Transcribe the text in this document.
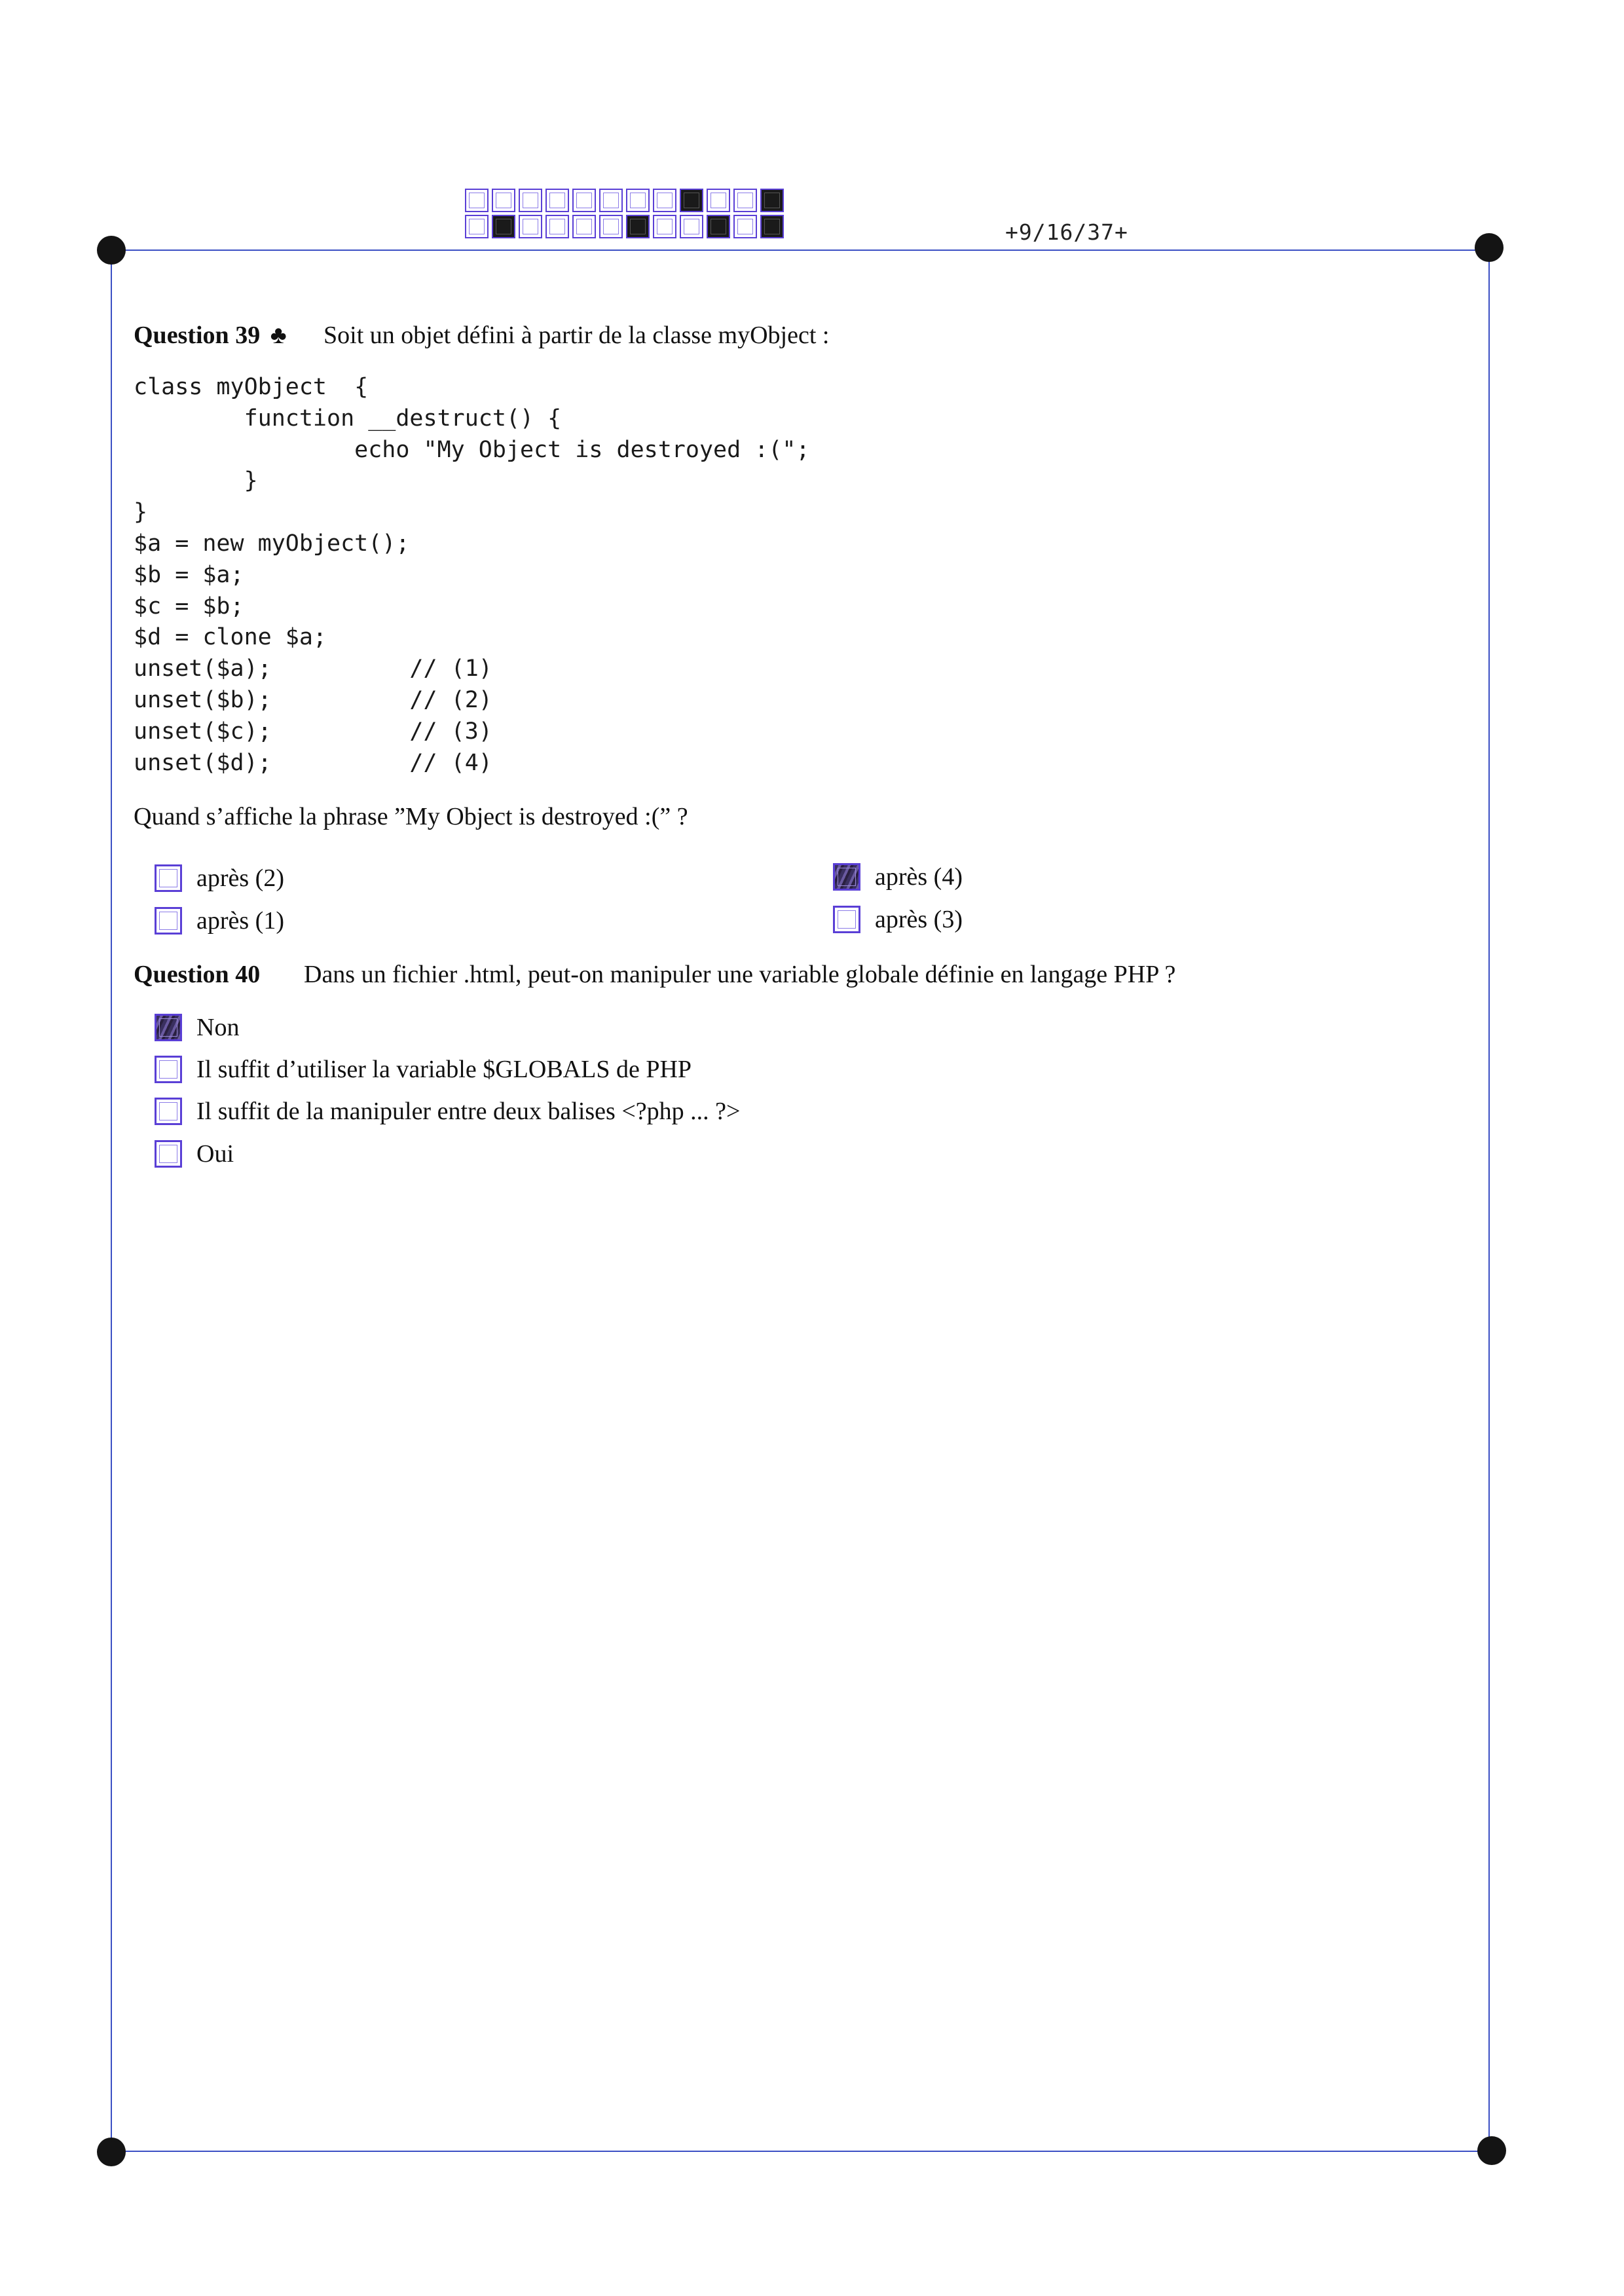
+9/16/37+
Question 39 ♣ Soit un objet défini à partir de la classe myObject :
class myObject  {
function __destruct() {
echo "My Object is destroyed :(";
}
}
$a = new myObject();
$b = $a;
$c = $b;
$d = clone $a;
unset($a);          // (1)
unset($b);          // (2)
unset($c);          // (3)
unset($d);          // (4)
Quand s’affiche la phrase ”My Object is destroyed :(” ?
après (2)
après (1)
après (4)
après (3)
Question 40 Dans un fichier .html, peut-on manipuler une variable globale définie en langage PHP ?
Non
Il suffit d’utiliser la variable $GLOBALS de PHP
Il suffit de la manipuler entre deux balises <?php ... ?>
Oui
